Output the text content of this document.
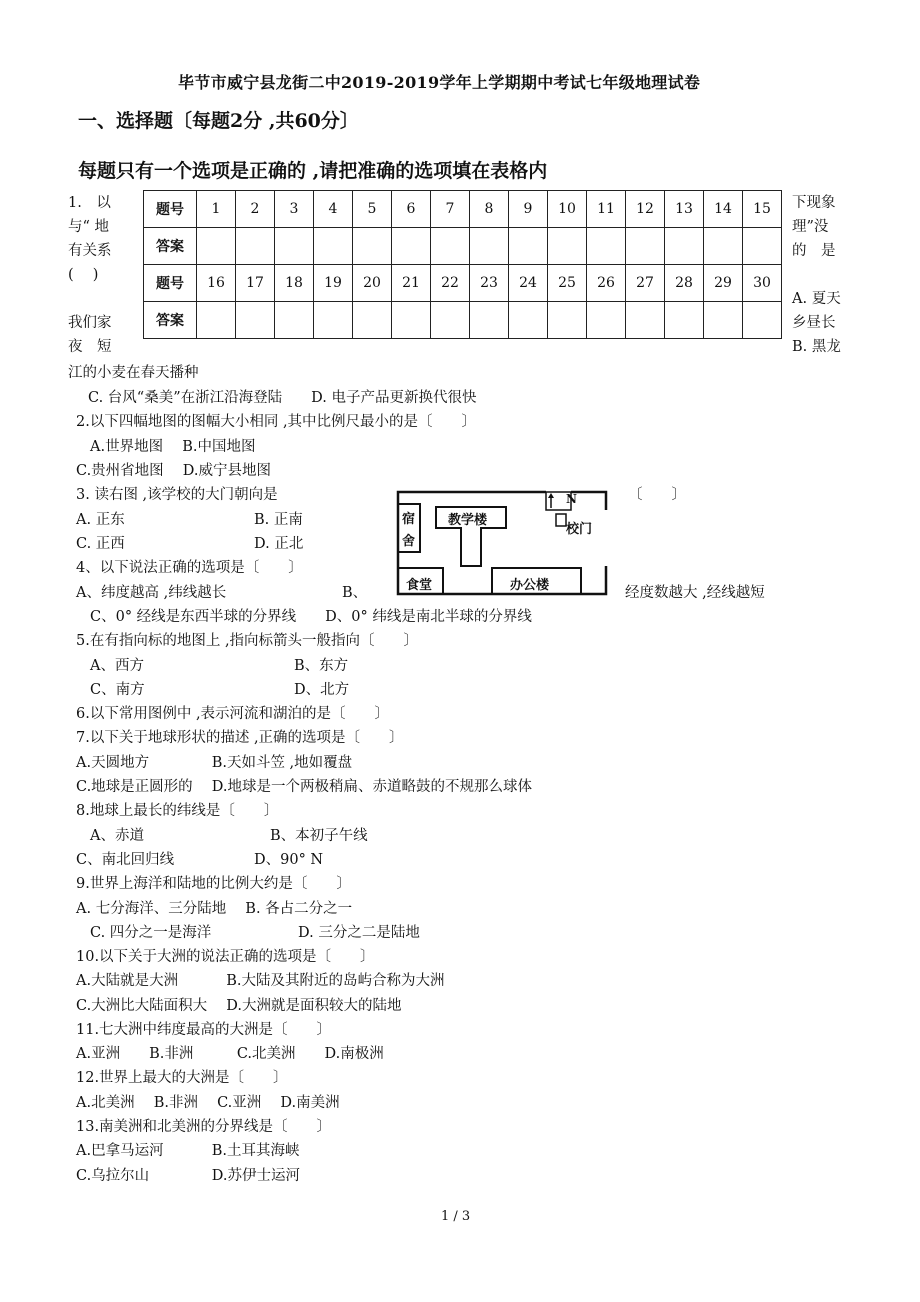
毕节市威宁县龙街二中2019-2019学年上学期期中考试七年级地理试卷
一、选择题〔每题2分 ,共60分〕
每题只有一个选项是正确的 ,请把准确的选项填在表格内
1.　以
与“ 地
有关系
(　 )
我们家
夜　短
题号	1	2	3	4	5	6	7	8	9	10	11	12	13	14	15
答案															
题号	16	17	18	19	20	21	22	23	24	25	26	27	28	29	30
答案															
下现象
理”没
的　是
A. 夏天
乡昼长
B. 黑龙
江的小麦在春天播种
C. 台风“桑美”在浙江沿海登陆　　D. 电子产品更新换代很快
2.以下四幅地图的图幅大小相同 ,其中比例尺最小的是〔　　〕
A.世界地图　 B.中国地图
C.贵州省地图　 D.威宁县地图
3. 读右图 ,该学校的大门朝向是	〔　　〕
A. 正东	B. 正南
C. 正西	D. 正北
N
宿
舍
教学楼
校门
食堂	办公楼
4、以下说法正确的选项是〔　　〕
A、纬度越高 ,纬线越长	B、	经度数越大 ,经线越短
C、0° 经线是东西半球的分界线　　D、0° 纬线是南北半球的分界线
5.在有指向标的地图上 ,指向标箭头一般指向〔　　〕
A、西方	B、东方
C、南方	D、北方
6.以下常用图例中 ,表示河流和湖泊的是〔　　〕
7.以下关于地球形状的描述 ,正确的选项是〔　　〕
A.天圆地方　　　　 B.天如斗笠 ,地如覆盘
C.地球是正圆形的　 D.地球是一个两极稍扁、赤道略鼓的不规那么球体
8.地球上最长的纬线是〔　　〕
A、赤道	B、本初子午线
C、南北回归线	D、90° N
9.世界上海洋和陆地的比例大约是〔　　〕
A. 七分海洋、三分陆地　 B. 各占二分之一
C. 四分之一是海洋	D. 三分之二是陆地
10.以下关于大洲的说法正确的选项是〔　　〕
A.大陆就是大洲　　　 B.大陆及其附近的岛屿合称为大洲
C.大洲比大陆面积大　 D.大洲就是面积较大的陆地
11.七大洲中纬度最高的大洲是〔　　〕
A.亚洲　　B.非洲　　　C.北美洲　　D.南极洲
12.世界上最大的大洲是〔　　〕
A.北美洲　 B.非洲　 C.亚洲　 D.南美洲
13.南美洲和北美洲的分界线是〔　　〕
A.巴拿马运河　　　 B.土耳其海峡
C.乌拉尔山　　　　 D.苏伊士运河
1 / 3
